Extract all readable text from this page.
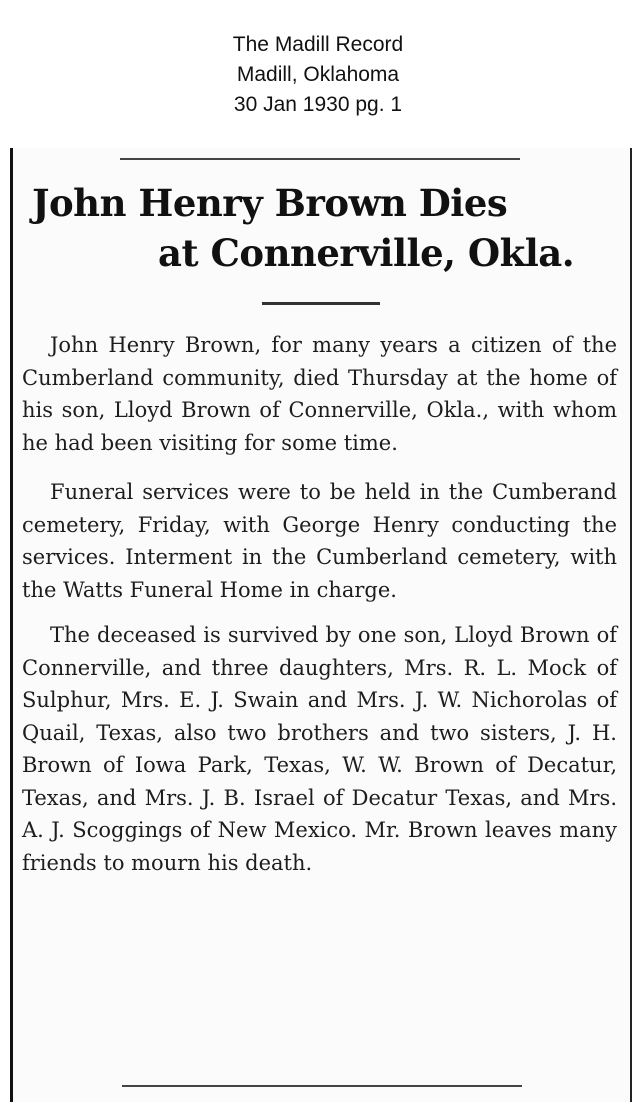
The Madill Record
Madill, Oklahoma
30 Jan 1930 pg. 1
John Henry Brown Dies
at Connerville, Okla.

John Henry Brown, for many years a citizen of the Cumberland community, died Thursday at the home of his son, Lloyd Brown of Connerville, Okla., with whom he had been visiting for some time.

Funeral services were to be held in the Cumberand cemetery, Friday, with George Henry conducting the services. Interment in the Cumberland cemetery, with the Watts Funeral Home in charge.

The deceased is survived by one son, Lloyd Brown of Connerville, and three daughters, Mrs. R. L. Mock of Sulphur, Mrs. E. J. Swain and Mrs. J. W. Nichorolas of Quail, Texas, also two brothers and two sisters, J. H. Brown of Iowa Park, Texas, W. W. Brown of Decatur, Texas, and Mrs. J. B. Israel of Decatur Texas, and Mrs. A. J. Scoggings of New Mexico. Mr. Brown leaves many friends to mourn his death.
